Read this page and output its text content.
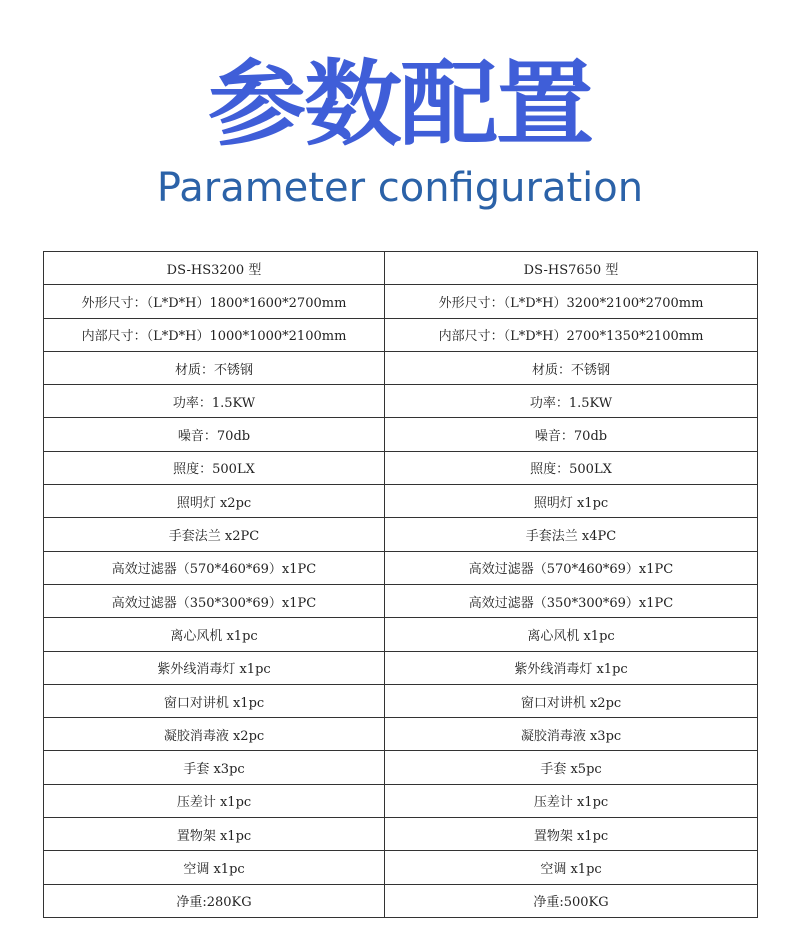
参数配置
Parameter configuration
DS-HS3200 型	DS-HS7650 型
外形尺寸：（L*D*H）1800*1600*2700mm	外形尺寸：（L*D*H）3200*2100*2700mm
内部尺寸：（L*D*H）1000*1000*2100mm	内部尺寸：（L*D*H）2700*1350*2100mm
材质：不锈钢	材质：不锈钢
功率：1.5KW	功率：1.5KW
噪音：70db	噪音：70db
照度：500LX	照度：500LX
照明灯 x2pc	照明灯 x1pc
手套法兰 x2PC	手套法兰 x4PC
高效过滤器（570*460*69）x1PC	高效过滤器（570*460*69）x1PC
高效过滤器（350*300*69）x1PC	高效过滤器（350*300*69）x1PC
离心风机 x1pc	离心风机 x1pc
紫外线消毒灯 x1pc	紫外线消毒灯 x1pc
窗口对讲机 x1pc	窗口对讲机 x2pc
凝胶消毒液 x2pc	凝胶消毒液 x3pc
手套 x3pc	手套 x5pc
压差计 x1pc	压差计 x1pc
置物架 x1pc	置物架 x1pc
空调 x1pc	空调 x1pc
净重:280KG	净重:500KG
